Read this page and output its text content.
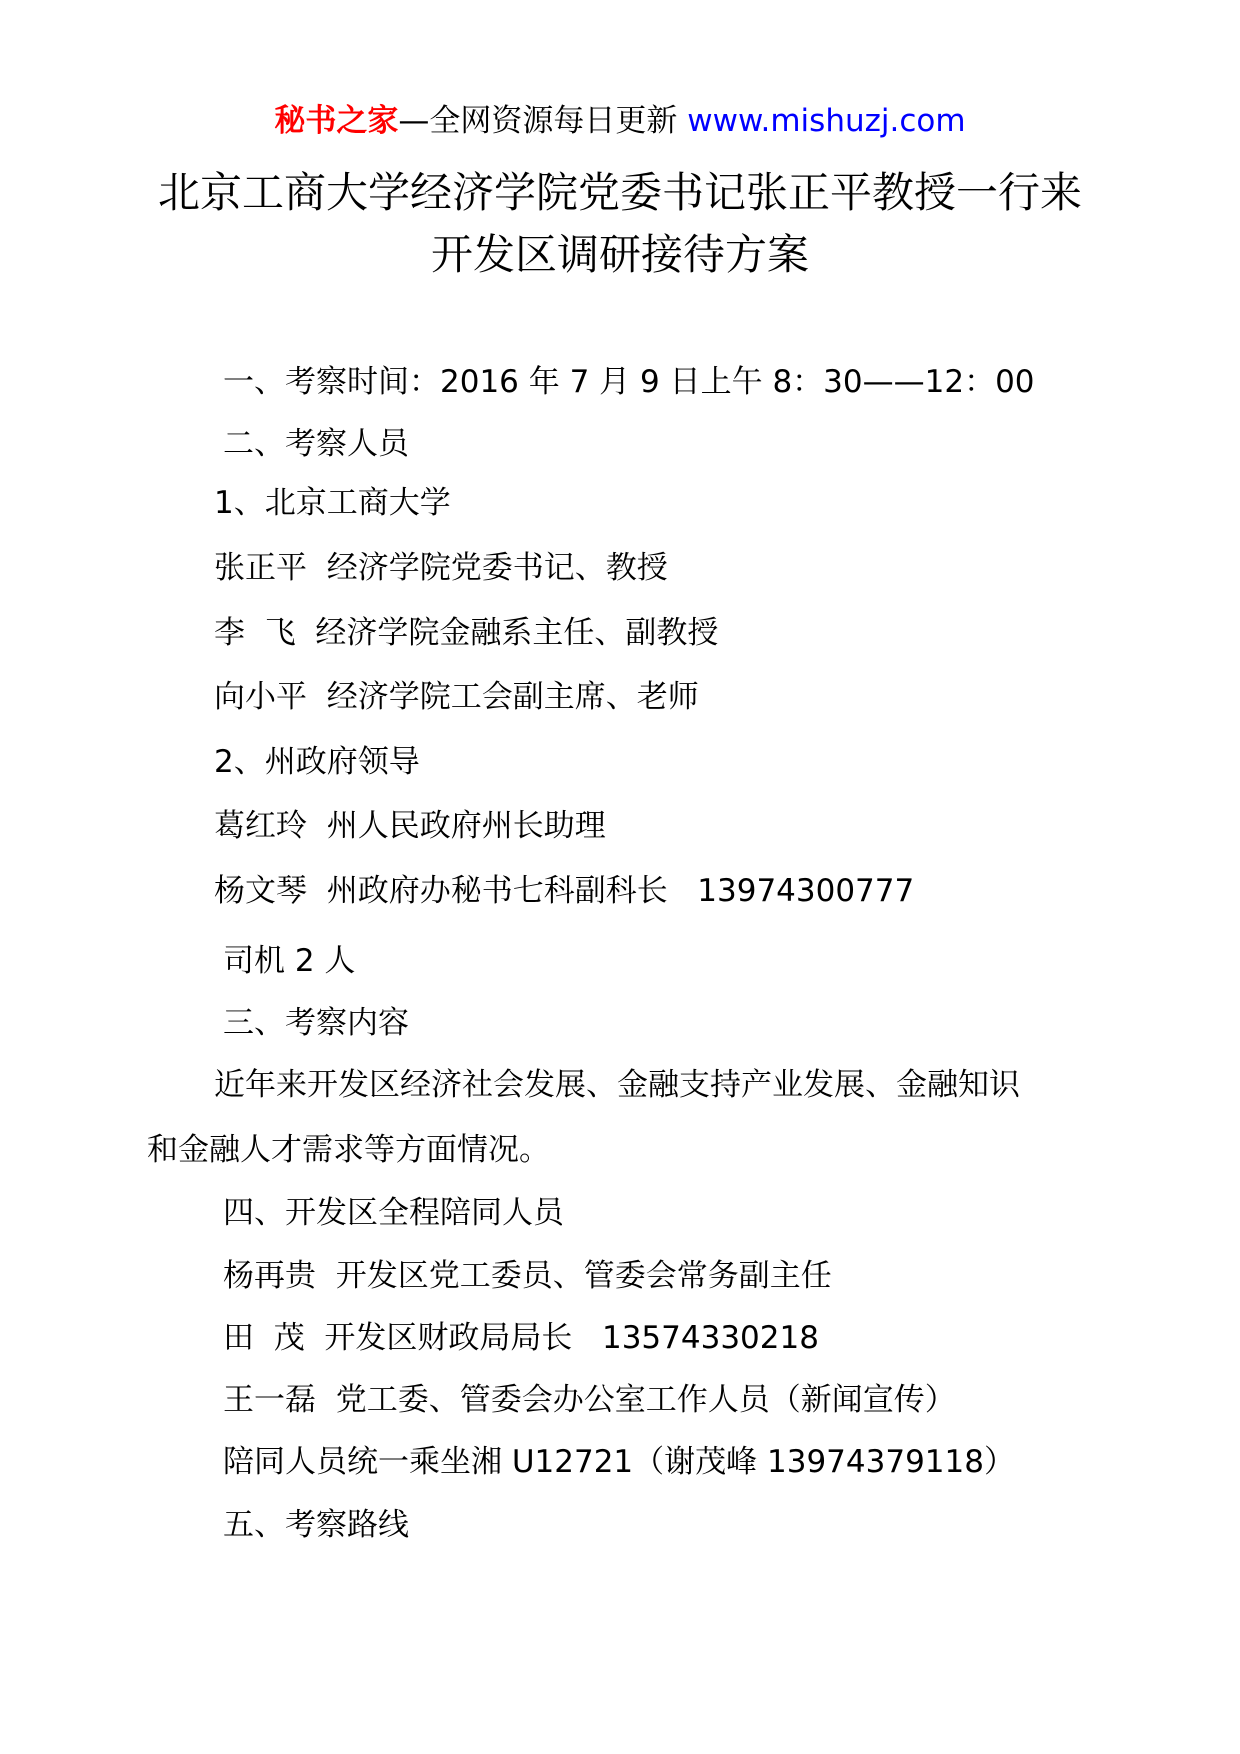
秘书之家—全网资源每日更新 www.mishuzj.com
北京工商大学经济学院党委书记张正平教授一行来
开发区调研接待方案
一、考察时间：2016 年 7 月 9 日上午 8：30——12：00
二、考察人员
1、北京工商大学
张正平  经济学院党委书记、教授
李  飞  经济学院金融系主任、副教授
向小平  经济学院工会副主席、老师
2、州政府领导
葛红玲  州人民政府州长助理
杨文琴  州政府办秘书七科副科长   13974300777
司机 2 人
三、考察内容
近年来开发区经济社会发展、金融支持产业发展、金融知识
和金融人才需求等方面情况。
四、开发区全程陪同人员
杨再贵  开发区党工委员、管委会常务副主任
田  茂  开发区财政局局长   13574330218
王一磊  党工委、管委会办公室工作人员（新闻宣传）
陪同人员统一乘坐湘 U12721（谢茂峰 13974379118）
五、考察路线
